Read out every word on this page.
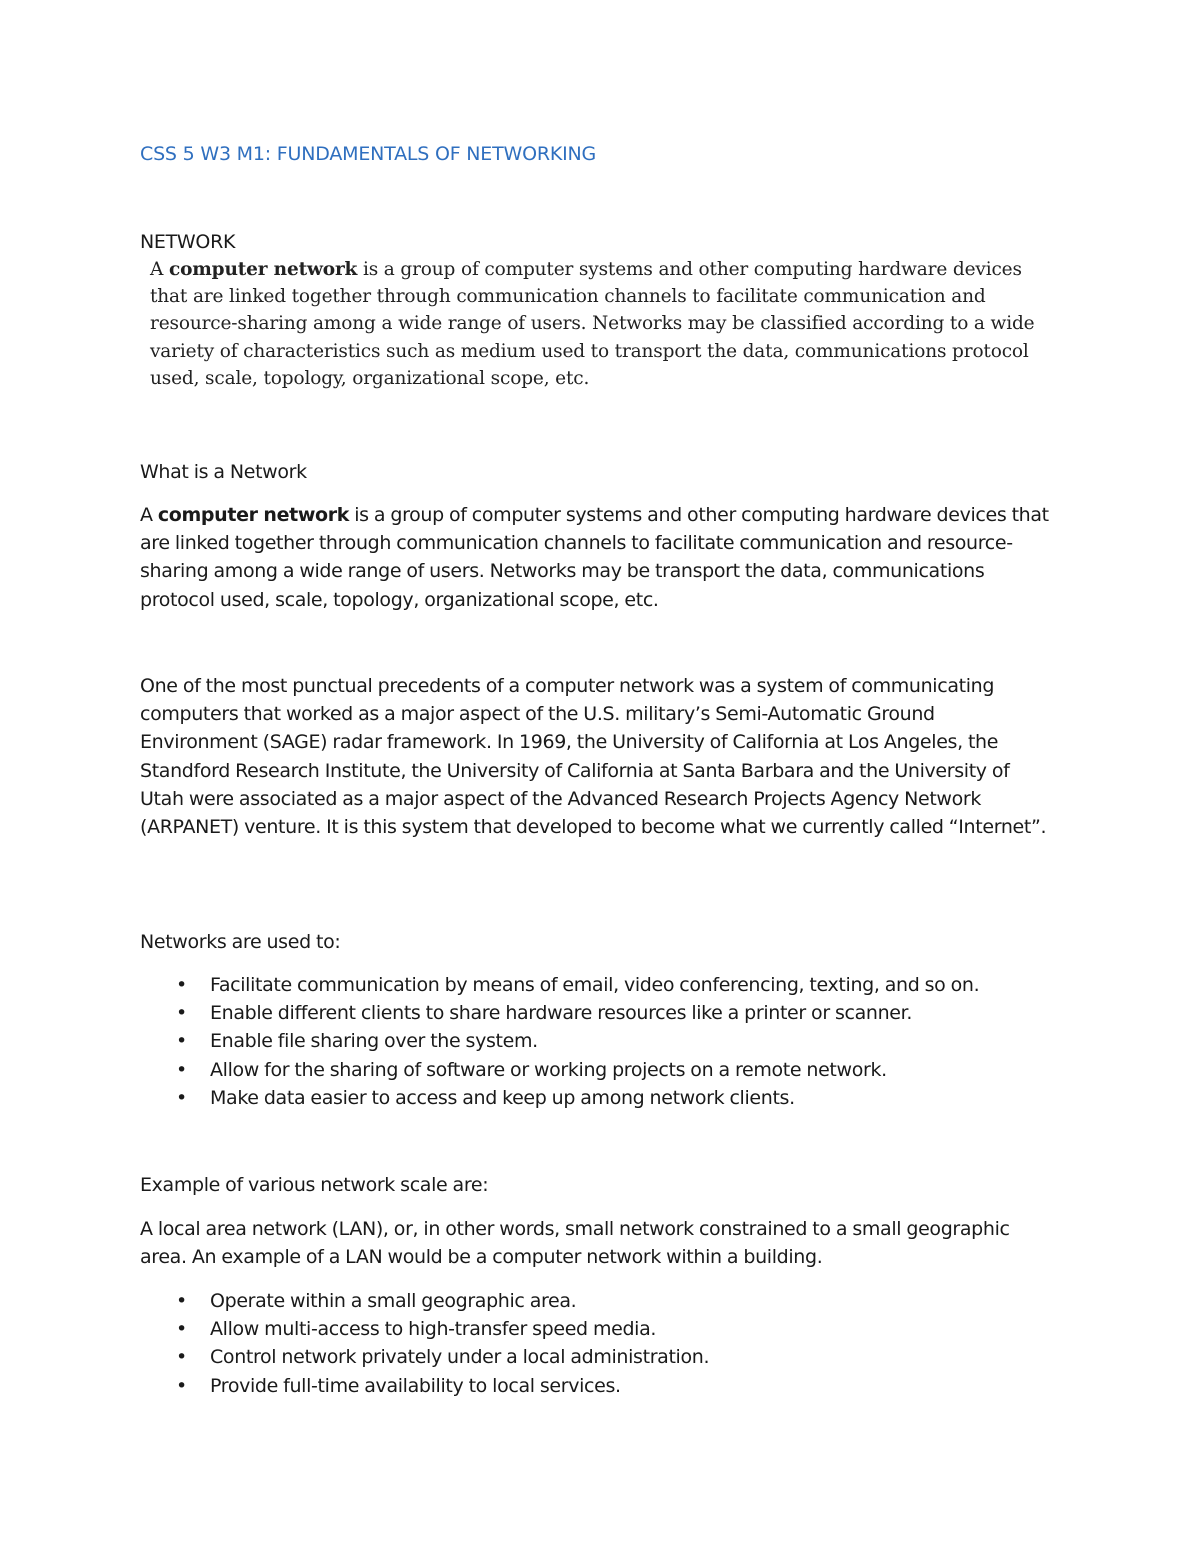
CSS 5 W3 M1: FUNDAMENTALS OF NETWORKING
NETWORK
A computer network is a group of computer systems and other computing hardware devices that are linked together through communication channels to facilitate communication and resource-sharing among a wide range of users. Networks may be classified according to a wide variety of characteristics such as medium used to transport the data, communications protocol used, scale, topology, organizational scope, etc.
What is a Network
A computer network is a group of computer systems and other computing hardware devices that are linked together through communication channels to facilitate communication and resource-sharing among a wide range of users. Networks may be transport the data, communications protocol used, scale, topology, organizational scope, etc.
One of the most punctual precedents of a computer network was a system of communicating computers that worked as a major aspect of the U.S. military’s Semi-Automatic Ground Environment (SAGE) radar framework. In 1969, the University of California at Los Angeles, the Standford Research Institute, the University of California at Santa Barbara and the University of Utah were associated as a major aspect of the Advanced Research Projects Agency Network (ARPANET) venture. It is this system that developed to become what we currently called “Internet”.
Networks are used to:
• Facilitate communication by means of email, video conferencing, texting, and so on.
• Enable different clients to share hardware resources like a printer or scanner.
• Enable file sharing over the system.
• Allow for the sharing of software or working projects on a remote network.
• Make data easier to access and keep up among network clients.
Example of various network scale are:
A local area network (LAN), or, in other words, small network constrained to a small geographic area. An example of a LAN would be a computer network within a building.
• Operate within a small geographic area.
• Allow multi-access to high-transfer speed media.
• Control network privately under a local administration.
• Provide full-time availability to local services.
